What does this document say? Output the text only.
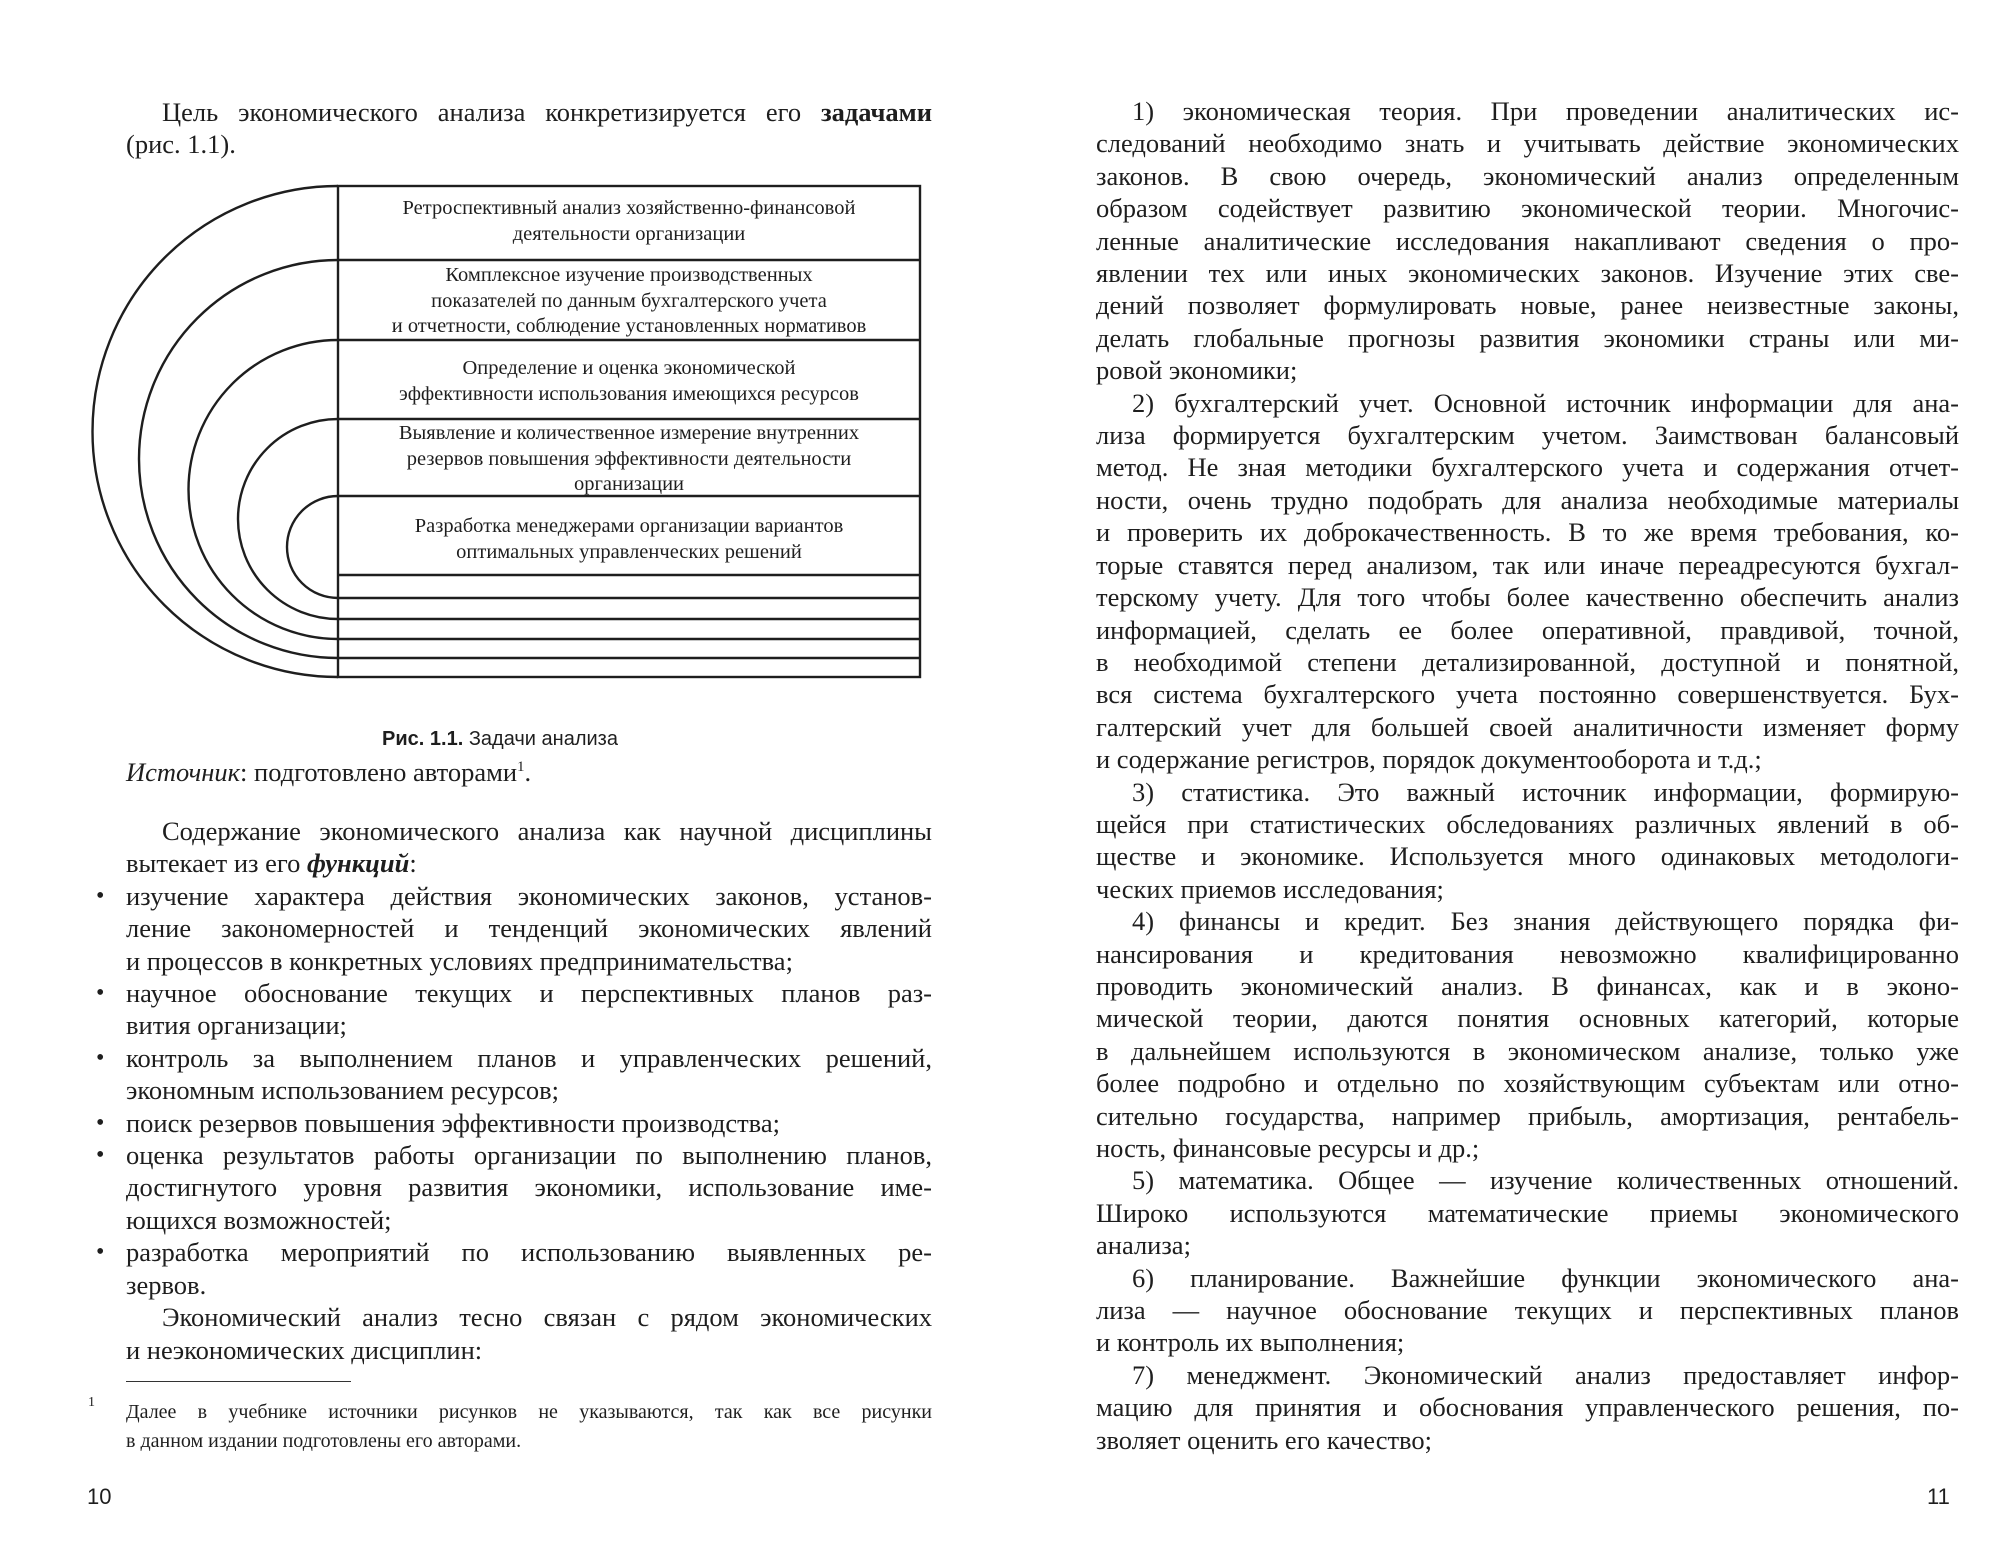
Цель экономического анализа конкретизируется его задачами
(рис. 1.1).
Ретроспективный анализ хозяйственно-финансовой
деятельности организации
Комплексное изучение производственных
показателей по данным бухгалтерского учета
и отчетности, соблюдение установленных нормативов
Определение и оценка экономической
эффективности использования имеющихся ресурсов
Выявление и количественное измерение внутренних
резервов повышения эффективности деятельности
организации
Разработка менеджерами организации вариантов
оптимальных управленческих решений
Рис. 1.1. Задачи анализа
Источник: подготовлено авторами$^1$.
Содержание экономического анализа как научной дисциплины
вытекает из его функций:
• изучение характера действия экономических законов, установ-
ление закономерностей и тенденций экономических явлений
и процессов в конкретных условиях предпринимательства;
• научное обоснование текущих и перспективных планов раз-
вития организации;
• контроль за выполнением планов и управленческих решений,
экономным использованием ресурсов;
• поиск резервов повышения эффективности производства;
• оценка результатов работы организации по выполнению планов,
достигнутого уровня развития экономики, использование име-
ющихся возможностей;
• разработка мероприятий по использованию выявленных ре-
зервов.
Экономический анализ тесно связан с рядом экономических
и неэкономических дисциплин:
1 Далее в учебнике источники рисунков не указываются, так как все рисунки
в данном издании подготовлены его авторами.
10
1) экономическая теория. При проведении аналитических ис-
следований необходимо знать и учитывать действие экономических
законов. В свою очередь, экономический анализ определенным
образом содействует развитию экономической теории. Многочис-
ленные аналитические исследования накапливают сведения о про-
явлении тех или иных экономических законов. Изучение этих све-
дений позволяет формулировать новые, ранее неизвестные законы,
делать глобальные прогнозы развития экономики страны или ми-
ровой экономики;
2) бухгалтерский учет. Основной источник информации для ана-
лиза формируется бухгалтерским учетом. Заимствован балансовый
метод. Не зная методики бухгалтерского учета и содержания отчет-
ности, очень трудно подобрать для анализа необходимые материалы
и проверить их доброкачественность. В то же время требования, ко-
торые ставятся перед анализом, так или иначе переадресуются бухгал-
терскому учету. Для того чтобы более качественно обеспечить анализ
информацией, сделать ее более оперативной, правдивой, точной,
в необходимой степени детализированной, доступной и понятной,
вся система бухгалтерского учета постоянно совершенствуется. Бух-
галтерский учет для большей своей аналитичности изменяет форму
и содержание регистров, порядок документооборота и т.д.;
3) статистика. Это важный источник информации, формирую-
щейся при статистических обследованиях различных явлений в об-
ществе и экономике. Используется много одинаковых методологи-
ческих приемов исследования;
4) финансы и кредит. Без знания действующего порядка фи-
нансирования и кредитования невозможно квалифицированно
проводить экономический анализ. В финансах, как и в эконо-
мической теории, даются понятия основных категорий, которые
в дальнейшем используются в экономическом анализе, только уже
более подробно и отдельно по хозяйствующим субъектам или отно-
сительно государства, например прибыль, амортизация, рентабель-
ность, финансовые ресурсы и др.;
5) математика. Общее — изучение количественных отношений.
Широко используются математические приемы экономического
анализа;
6) планирование. Важнейшие функции экономического ана-
лиза — научное обоснование текущих и перспективных планов
и контроль их выполнения;
7) менеджмент. Экономический анализ предоставляет инфор-
мацию для принятия и обоснования управленческого решения, по-
зволяет оценить его качество;
11
